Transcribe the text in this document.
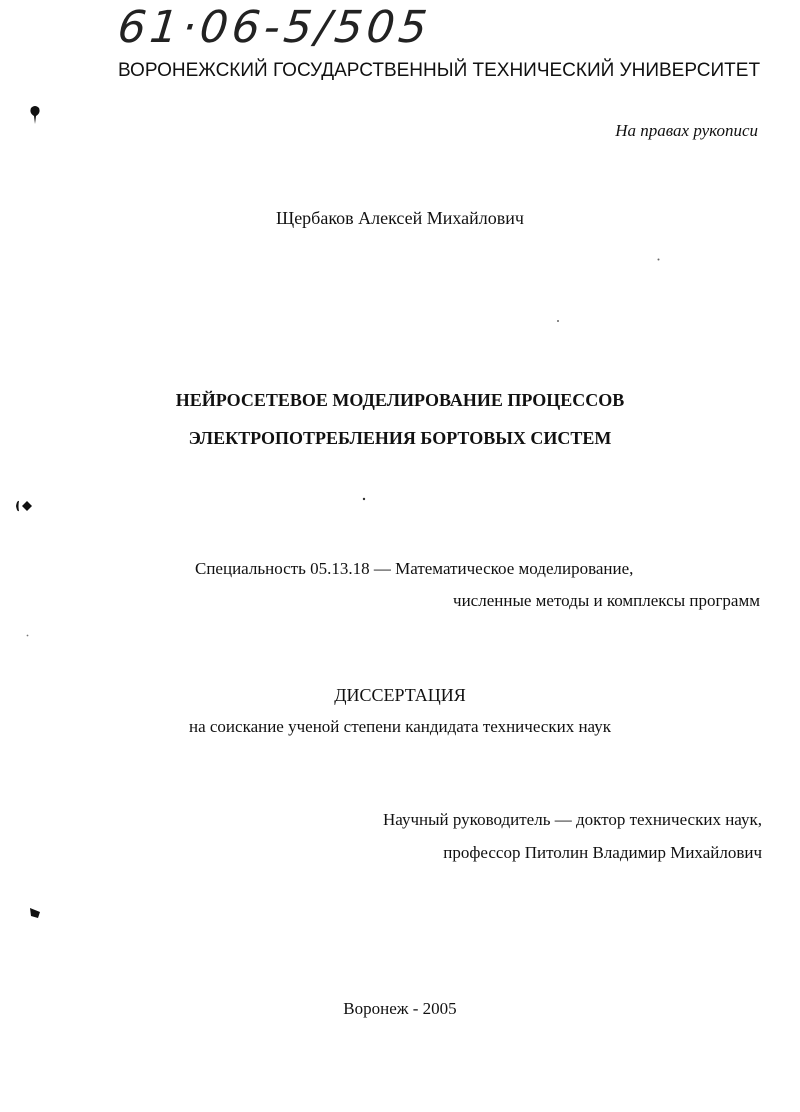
61·06-5/505
ВОРОНЕЖСКИЙ ГОСУДАРСТВЕННЫЙ ТЕХНИЧЕСКИЙ УНИВЕРСИТЕТ
На правах рукописи
Щербаков Алексей Михайлович
НЕЙРОСЕТЕВОЕ МОДЕЛИРОВАНИЕ ПРОЦЕССОВ
ЭЛЕКТРОПОТРЕБЛЕНИЯ БОРТОВЫХ СИСТЕМ
Специальность 05.13.18 — Математическое моделирование,
численные методы и комплексы программ
ДИССЕРТАЦИЯ
на соискание ученой степени кандидата технических наук
Научный руководитель — доктор технических наук,
профессор Питолин Владимир Михайлович
Воронеж - 2005
